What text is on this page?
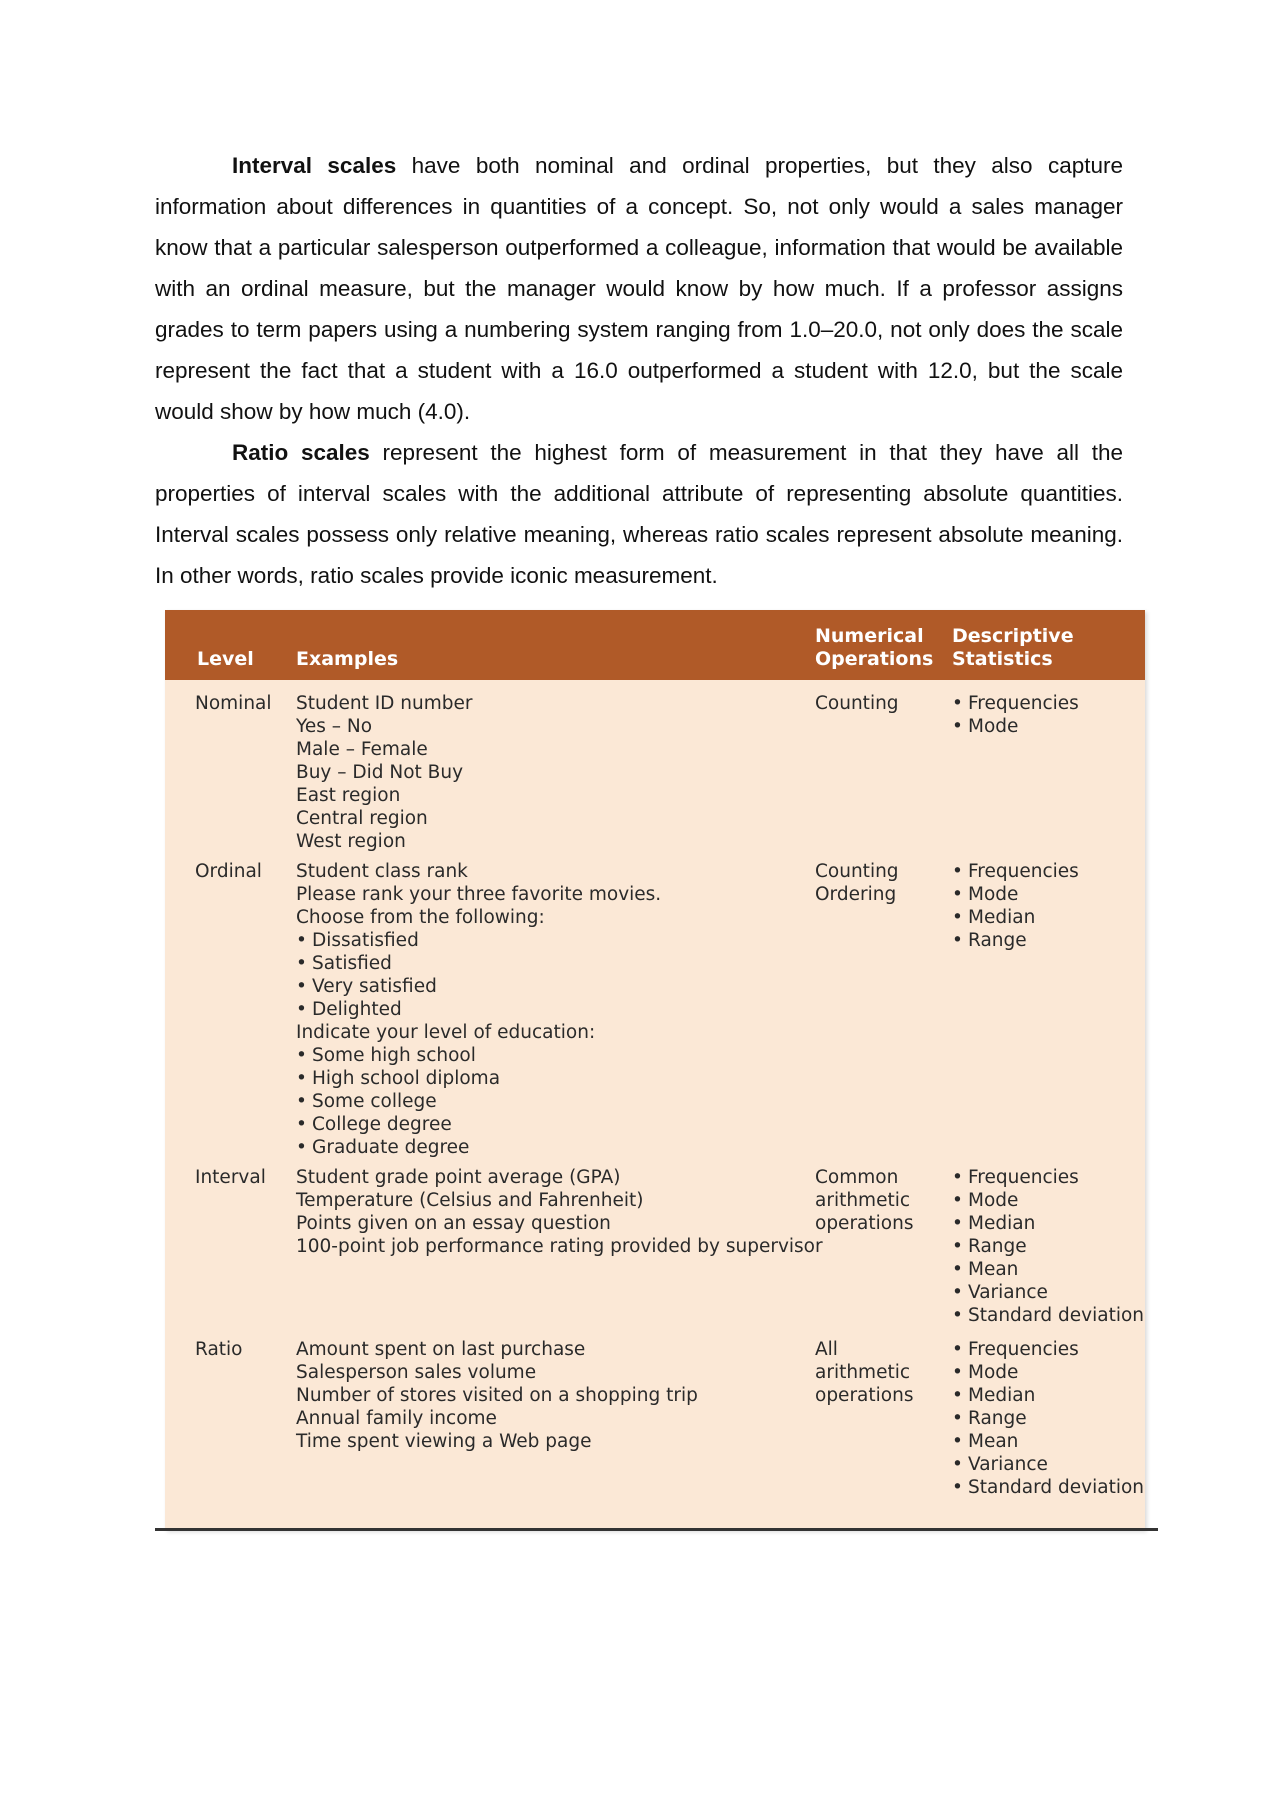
Interval scales have both nominal and ordinal properties, but they also capture information about differences in quantities of a concept. So, not only would a sales manager know that a particular salesperson outperformed a colleague, information that would be available with an ordinal measure, but the manager would know by how much. If a professor assigns grades to term papers using a numbering system ranging from 1.0–20.0, not only does the scale represent the fact that a student with a 16.0 outperformed a student with 12.0, but the scale would show by how much (4.0).

Ratio scales represent the highest form of measurement in that they have all the properties of interval scales with the additional attribute of representing absolute quantities. Interval scales possess only relative meaning, whereas ratio scales represent absolute meaning. In other words, ratio scales provide iconic measurement.

Level Examples
Numerical
Operations
Descriptive
Statistics
Nominal Student ID number
Yes – No
Male – Female
Buy – Did Not Buy
East region
Central region
West region
Counting
•	Frequencies
• Mode
Ordinal Student class rank
Please rank your three favorite movies.
Choose from the following:
• Dissatisfied
• Satisfied
• Very satisfied
• Delighted
Indicate your level of education:
• Some high school
• High school diploma
• Some college
• College degree
• Graduate degree
Counting
Ordering
• Frequencies
• Mode
• Median
• Range
Interval Student grade point average (GPA)
Temperature (Celsius and Fahrenheit)
Points given on an essay question
100-point job performance rating provided by supervisor
Common
arithmetic
operations
• Frequencies
• Mode
• Median
• Range
• Mean
• Variance
• Standard deviation
Ratio	Amount spent on last purchase
Salesperson sales volume
Number of stores visited on a shopping trip
Annual family income
Time spent viewing a Web page
All
arithmetic
operations
• Frequencies
• Mode
• Median
• Range
• Mean
• Variance
• Standard deviation
